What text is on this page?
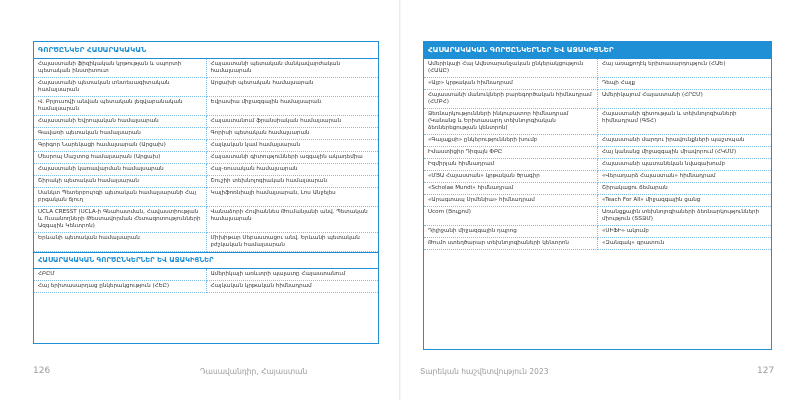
ԳՈՐԾԸՆԿԵՐ ՀԱՍԱՐԱԿԱԿԱՆ
Հայաստանի ֆիզիկական կրթության և սպորտի պետական ինստիտուտ	Հայաստանի պետական մանկավարժական համալսարան
Հայաստանի պետական տնտեսագիտական համալսարան	Արցախի պետական համալսարան
Վ. Բրյուսովի անվան պետական լեզվաբանական համալսարան	Եվրասիա միջազգային համալսարան
Հայաստանի Եվրոպական համալսարան	Հայաստանում ֆրանսիական համալսարան
Գավառի պետական համալսարան	Գորիսի պետական համալսարան
Գրիգոր Նարեկացի համալսարան (Արցախ)	Հայկական կամ համալսարան
Մեսրոպ Մաշտոց համալսարան (Արցախ)	Հայաստանի գիտությունների ազգային ակադեմիա
Հայաստանի կառավարման համալսարան	Հայ-ռուսական համալսարան
Շիրակի պետական համալսարան	Շուշիի տեխնոլոգիական համալսարան
Սանկտ Պետերբուրգի պետական համալսարանի Հայ բրգական ճյուղ	Կալիֆոռնիայի համալսարան, Լոս Անջելես
UCLA CRESST (UCLA-ի Գնահատման, Հավաստիության և Ուսանողների Թեստավորման Հետազոտությունների Ազգային Կենտրոն)	Վանաձորի Հովհաննես Թումանյանի անվ. Պետական համալսարան
Երևանի պետական համալսարան	Միխիթար Սեբաստացու անվ. Երևանի պետական բժշկական համալսարան
ՀԱՍԱՐԱԿԱԿԱՆ ԳՈՐԾԸՆԿԵՐՆԵՐ ԵՎ ԱՋԱԿԻՑՆԵՐ
ՀԲԸՄ	Ամերիկայի առևտրի պալատը Հայաստանում
Հայ երիտասարդաց ընկերակցություն (ՀԵԸ)	Հայկական կրթական հիմնադրամ
126	Դասավանդիր, Հայաստան
ՀԱՍԱՐԱԿԱԿԱՆ ԳՈՐԾԸՆԿԵՐՆԵՐ ԵՎ ԱՋԱԿԻՑՆԵՐ
Ամերիկայի Հայ Ավետարանչական ընկերակցություն (ՀԱԱԸ)	Հայ առաքողէկ երիտասարդություն (ՀԱԵ)
«Այբ» կրթական հիմնադրամ	Դեպի Հայք
Հայաստանի մանուկների բարեգործական հիմնադրամ (ՀՄԲՀ)	Ամերիկայում Հայաստանի (ՀՐԸՄ)
Ձեռնարկությունների ինկուբատոր հիմնադրամ (Կանանց և Երիտասարդ տեխնոլոգիական ձեռներեցության կենտրոն)	Հայաստանի գիտության և տեխնոլոգիաների հիմնադրամ (ԳՏՀ)
«Գալաքսի» ընկերությունների խումբ	Հայաստանի մարդու իրավունքների պաշտպան
Իմաստիցիր Դիզայն ՓԲԸ	Հայ կանանց միջազգային միավորում (ՀԿՄՄ)
Իզմիրյան հիմնադրամ	Հայաստանի պատանեկան նվագախումբ
«ՄՅԱ Հայաստան» կրթական ծրագիր	«Վերադարձ Հայաստան» հիմնադրամ
«Scholae Mundi» հիմնադրամ	Շիրակացու ճեմարան
«Արագտապ Սրմենիա» հիմնադրամ	«Teach For All» միջազգային ցանց
Ucom (Յուքոմ)	Առանցքային տեխնոլոգիաների ձեռնարկությունների միություն (ՏՏՁՄ)
Դիլիջանի միջազգային դպրոց	«ՍԻՖԻ» ակումբ
Թումո ստեղծարար տեխնոլոգիաների կենտրոն	«Զանգակ» գրատուն
Տարեկան հաշվետվություն 2023	127
